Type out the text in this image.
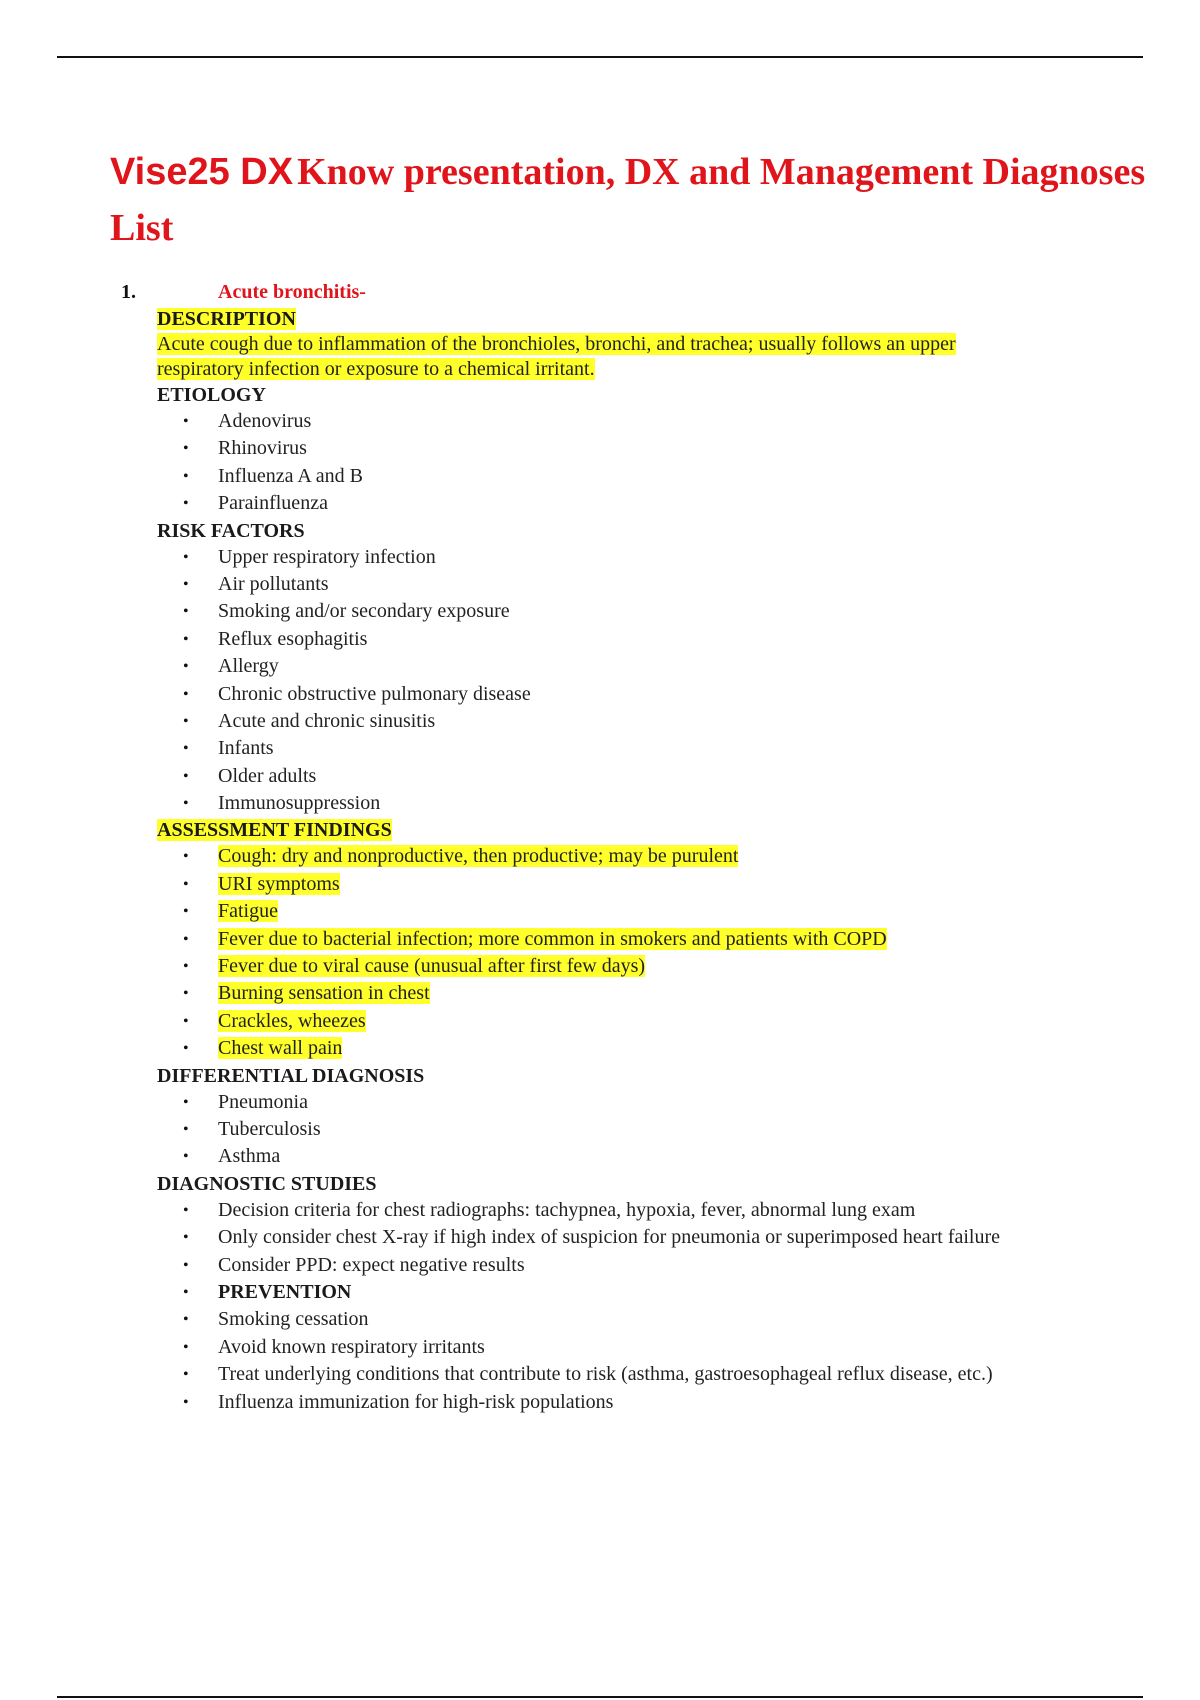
Vise25 DX Know presentation, DX and Management Diagnoses
List
1.	Acute bronchitis-
DESCRIPTION
Acute cough due to inflammation of the bronchioles, bronchi, and trachea; usually follows an upper
respiratory infection or exposure to a chemical irritant.
ETIOLOGY
• Adenovirus
• Rhinovirus
• Influenza A and B
• Parainfluenza
RISK FACTORS
• Upper respiratory infection
• Air pollutants
• Smoking and/or secondary exposure
• Reflux esophagitis
• Allergy
• Chronic obstructive pulmonary disease
• Acute and chronic sinusitis
• Infants
• Older adults
• Immunosuppression
ASSESSMENT FINDINGS
• Cough: dry and nonproductive, then productive; may be purulent
• URI symptoms
• Fatigue
• Fever due to bacterial infection; more common in smokers and patients with COPD
• Fever due to viral cause (unusual after first few days)
• Burning sensation in chest
• Crackles, wheezes
• Chest wall pain
DIFFERENTIAL DIAGNOSIS
• Pneumonia
• Tuberculosis
• Asthma
DIAGNOSTIC STUDIES
• Decision criteria for chest radiographs: tachypnea, hypoxia, fever, abnormal lung exam
• Only consider chest X-ray if high index of suspicion for pneumonia or superimposed heart failure
• Consider PPD: expect negative results
• PREVENTION
• Smoking cessation
• Avoid known respiratory irritants
• Treat underlying conditions that contribute to risk (asthma, gastroesophageal reflux disease, etc.)
• Influenza immunization for high-risk populations
